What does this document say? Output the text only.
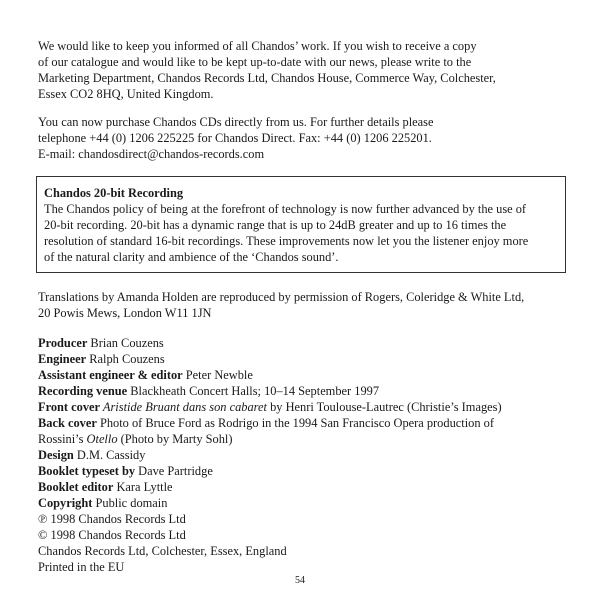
We would like to keep you informed of all Chandos’ work. If you wish to receive a copy
of our catalogue and would like to be kept up-to-date with our news, please write to the
Marketing Department, Chandos Records Ltd, Chandos House, Commerce Way, Colchester,
Essex CO2 8HQ, United Kingdom.

You can now purchase Chandos CDs directly from us. For further details please
telephone +44 (0) 1206 225225 for Chandos Direct. Fax: +44 (0) 1206 225201.
E-mail: chandosdirect@chandos-records.com

Chandos 20-bit Recording
The Chandos policy of being at the forefront of technology is now further advanced by the use of
20-bit recording. 20-bit has a dynamic range that is up to 24dB greater and up to 16 times the
resolution of standard 16-bit recordings. These improvements now let you the listener enjoy more
of the natural clarity and ambience of the ‘Chandos sound’.

Translations by Amanda Holden are reproduced by permission of Rogers, Coleridge & White Ltd,
20 Powis Mews, London W11 1JN

Producer Brian Couzens
Engineer Ralph Couzens
Assistant engineer & editor Peter Newble
Recording venue Blackheath Concert Halls; 10–14 September 1997
Front cover Aristide Bruant dans son cabaret by Henri Toulouse-Lautrec (Christie’s Images)
Back cover Photo of Bruce Ford as Rodrigo in the 1994 San Francisco Opera production of
Rossini’s Otello (Photo by Marty Sohl)
Design D.M. Cassidy
Booklet typeset by Dave Partridge
Booklet editor Kara Lyttle
Copyright Public domain
℗ 1998 Chandos Records Ltd
© 1998 Chandos Records Ltd
Chandos Records Ltd, Colchester, Essex, England
Printed in the EU

54
